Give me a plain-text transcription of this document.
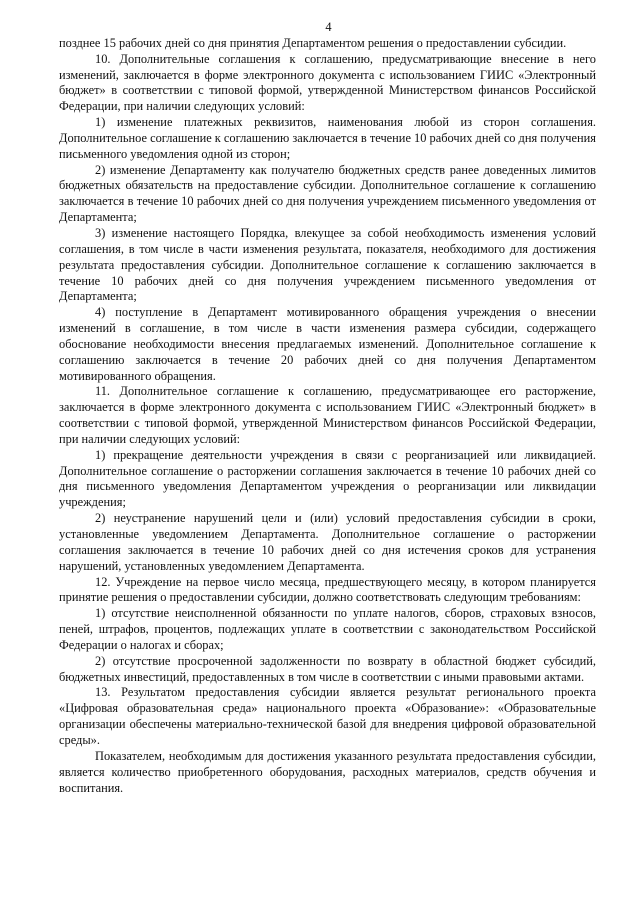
4

позднее 15 рабочих дней со дня принятия Департаментом решения о предоставлении субсидии.

10. Дополнительные соглашения к соглашению, предусматривающие внесение в него изменений, заключается в форме электронного документа с использованием ГИИС «Электронный бюджет» в соответствии с типовой формой, утвержденной Министерством финансов Российской Федерации, при наличии следующих условий:

1) изменение платежных реквизитов, наименования любой из сторон соглашения. Дополнительное соглашение к соглашению заключается в течение 10 рабочих дней со дня получения письменного уведомления одной из сторон;

2) изменение Департаменту как получателю бюджетных средств ранее доведенных лимитов бюджетных обязательств на предоставление субсидии. Дополнительное соглашение к соглашению заключается в течение 10 рабочих дней со дня получения учреждением письменного уведомления от Департамента;

3) изменение настоящего Порядка, влекущее за собой необходимость изменения условий соглашения, в том числе в части изменения результата, показателя, необходимого для достижения результата предоставления субсидии. Дополнительное соглашение к соглашению заключается в течение 10 рабочих дней со дня получения учреждением письменного уведомления от Департамента;

4) поступление в Департамент мотивированного обращения учреждения о внесении изменений в соглашение, в том числе в части изменения размера субсидии, содержащего обоснование необходимости внесения предлагаемых изменений. Дополнительное соглашение к соглашению заключается в течение 20 рабочих дней со дня получения Департаментом мотивированного обращения.

11. Дополнительное соглашение к соглашению, предусматривающее его расторжение, заключается в форме электронного документа с использованием ГИИС «Электронный бюджет» в соответствии с типовой формой, утвержденной Министерством финансов Российской Федерации, при наличии следующих условий:

1) прекращение деятельности учреждения в связи с реорганизацией или ликвидацией. Дополнительное соглашение о расторжении соглашения заключается в течение 10 рабочих дней со дня письменного уведомления Департаментом учреждения о реорганизации или ликвидации учреждения;

2) неустранение нарушений цели и (или) условий предоставления субсидии в сроки, установленные уведомлением Департамента. Дополнительное соглашение о расторжении соглашения заключается в течение 10 рабочих дней со дня истечения сроков для устранения нарушений, установленных уведомлением Департамента.

12. Учреждение на первое число месяца, предшествующего месяцу, в котором планируется принятие решения о предоставлении субсидии, должно соответствовать следующим требованиям:

1) отсутствие неисполненной обязанности по уплате налогов, сборов, страховых взносов, пеней, штрафов, процентов, подлежащих уплате в соответствии с законодательством Российской Федерации о налогах и сборах;

2) отсутствие просроченной задолженности по возврату в областной бюджет субсидий, бюджетных инвестиций, предоставленных в том числе в соответствии с иными правовыми актами.

13. Результатом предоставления субсидии является результат регионального проекта «Цифровая образовательная среда» национального проекта «Образование»: «Образовательные организации обеспечены материально-технической базой для внедрения цифровой образовательной среды».

Показателем, необходимым для достижения указанного результата предоставления субсидии, является количество приобретенного оборудования, расходных материалов, средств обучения и воспитания.
